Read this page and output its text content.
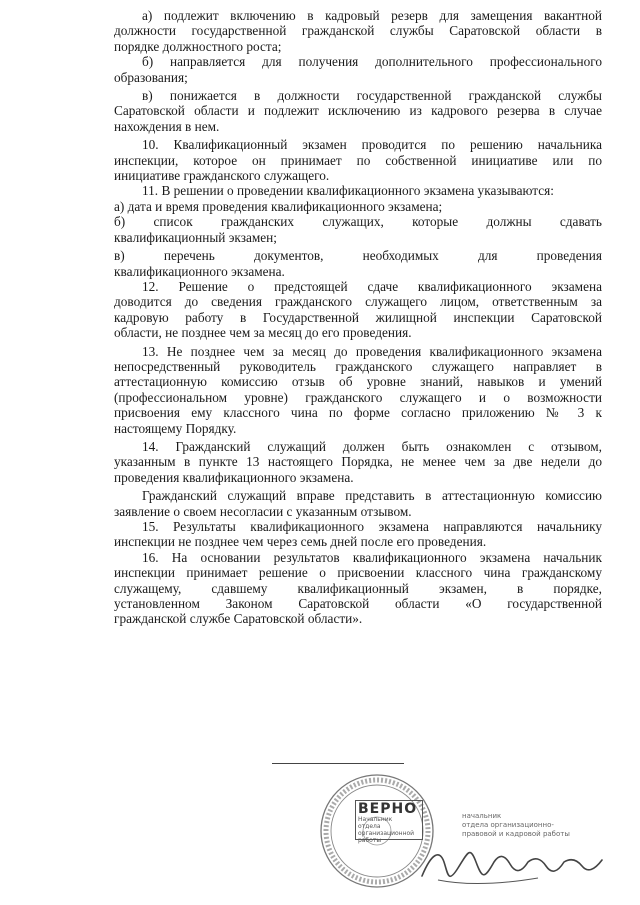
а) подлежит включению в кадровый резерв для замещения вакантной
должности государственной гражданской службы Саратовской области в
порядке должностного роста;
б) направляется для получения дополнительного профессионального
образования;
в) понижается в должности государственной гражданской службы
Саратовской области и подлежит исключению из кадрового резерва в случае
нахождения в нем.
10. Квалификационный экзамен проводится по решению начальника
инспекции, которое он принимает по собственной инициативе или по
инициативе гражданского служащего.
11. В решении о проведении квалификационного экзамена указываются:
а) дата и время проведения квалификационного экзамена;
б) список гражданских служащих, которые должны сдавать
квалификационный экзамен;
в) перечень документов, необходимых для проведения
квалификационного экзамена.
12. Решение о предстоящей сдаче квалификационного экзамена
доводится до сведения гражданского служащего лицом, ответственным за
кадровую работу в Государственной жилищной инспекции Саратовской
области, не позднее чем за месяц до его проведения.
13. Не позднее чем за месяц до проведения квалификационного экзамена
непосредственный руководитель гражданского служащего направляет в
аттестационную комиссию отзыв об уровне знаний, навыков и умений
(профессиональном уровне) гражданского служащего и о возможности
присвоения ему классного чина по форме согласно приложению № 3 к
настоящему Порядку.
14. Гражданский служащий должен быть ознакомлен с отзывом,
указанным в пункте 13 настоящего Порядка, не менее чем за две недели до
проведения квалификационного экзамена.
Гражданский служащий вправе представить в аттестационную комиссию
заявление о своем несогласии с указанным отзывом.
15. Результаты квалификационного экзамена направляются начальнику
инспекции не позднее чем через семь дней после его проведения.
16. На основании результатов квалификационного экзамена начальник
инспекции принимает решение о присвоении классного чина гражданскому
служащему, сдавшему квалификационный экзамен, в порядке,
установленном Законом Саратовской области «О государственной
гражданской службе Саратовской области».
ВЕРНО
Начальник
отдела
организационной
работы
начальник
отдела организационно-
правовой и кадровой работы
